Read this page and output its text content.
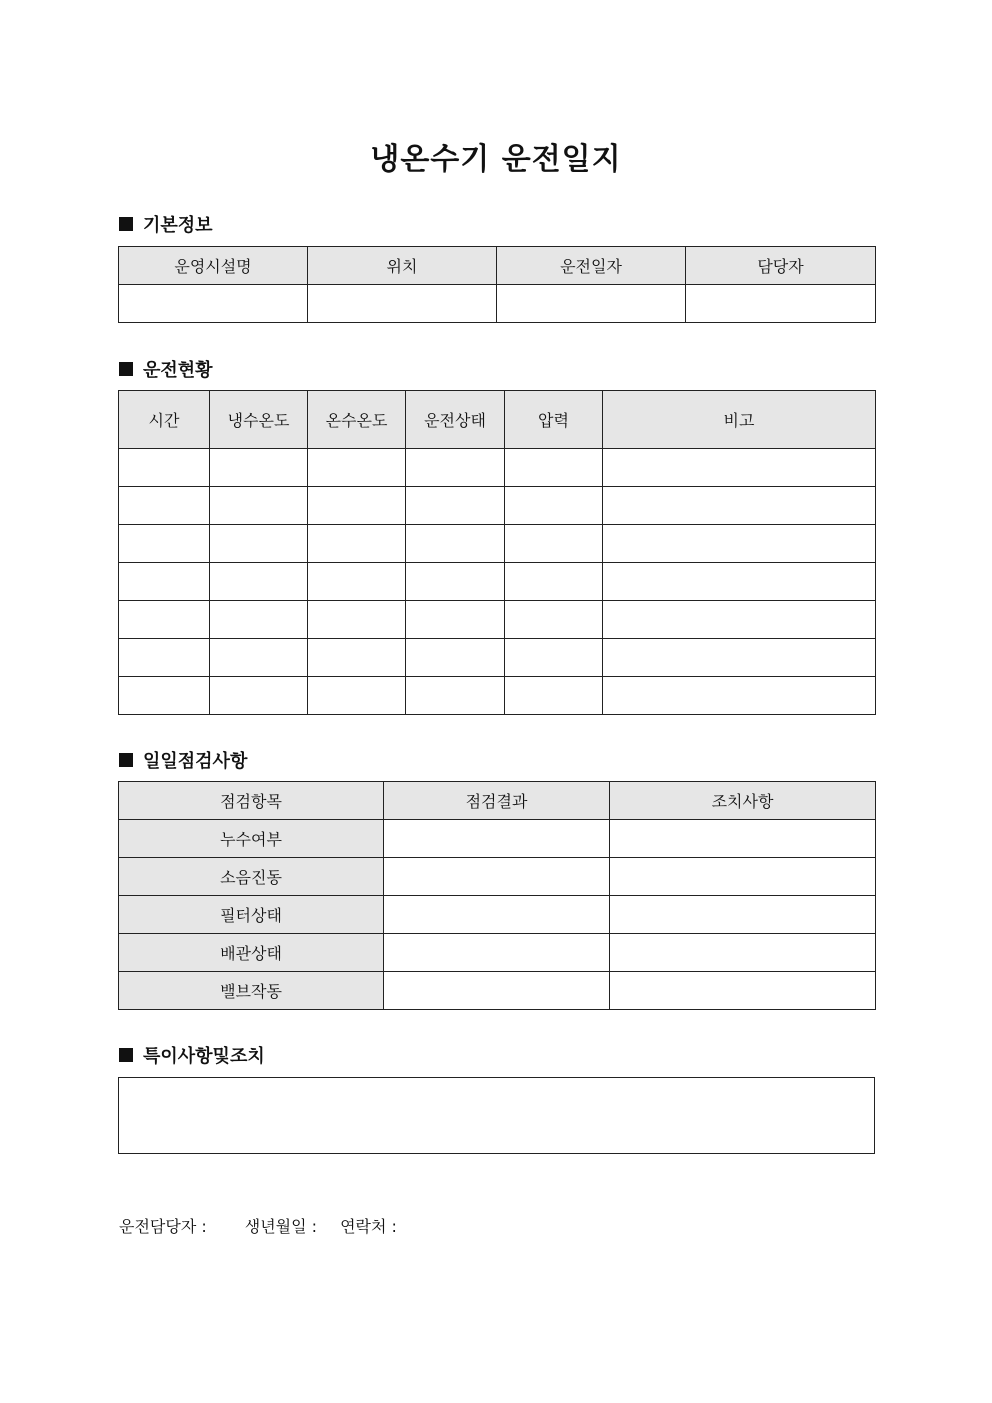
냉온수기 운전일지
기본정보
운영시설명	위치	운전일자	담당자

운전현황
시간	냉수온도	온수온도	운전상태	압력	비고

일일점검사항
점검항목	점검결과	조치사항
누수여부		
소음진동		
필터상태		
배관상태		
밸브작동		
특이사항및조치
운전담당자 : 생년월일 : 연락처 :
